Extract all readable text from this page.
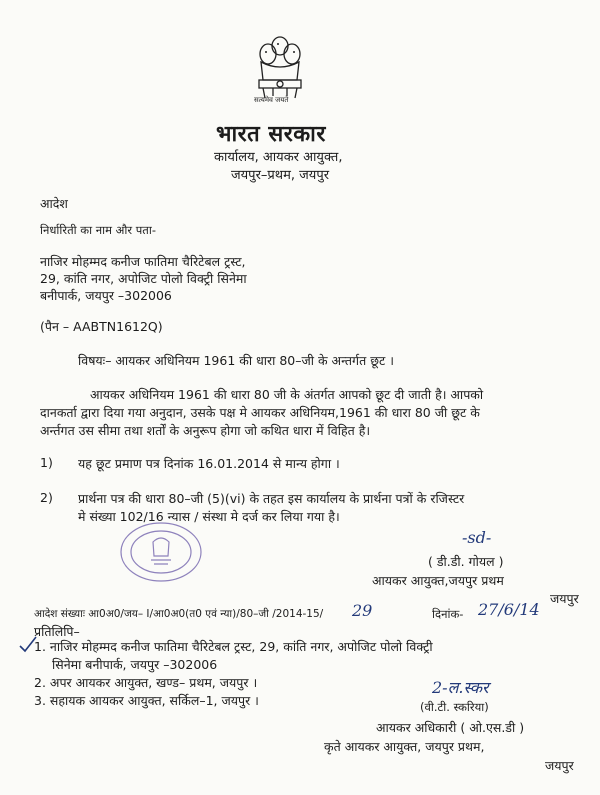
सत्यमेव जयते
भारत सरकार
कार्यालय, आयकर आयुक्त,
जयपुर–प्रथम, जयपुर
आदेश
निर्धारिती का नाम और पता-
नाजिर मोहम्मद कनीज फातिमा चैरिटेबल ट्रस्ट,
29, कांति नगर, अपोजिट पोलो विक्ट्री सिनेमा
बनीपार्क, जयपुर –302006
(पैन – AABTN1612Q)
विषयः– आयकर अधिनियम 1961 की धारा 80–जी के अन्तर्गत छूट ।
आयकर अधिनियम 1961 की धारा 80 जी के अंतर्गत आपको छूट दी जाती है। आपको
दानकर्ता द्वारा दिया गया अनुदान, उसके पक्ष मे आयकर अधिनियम,1961 की धारा 80 जी छूट के
अर्न्तगत उस सीमा तथा शर्तों के अनुरूप होगा जो कथित धारा में विहित है।
1) यह छूट प्रमाण पत्र दिनांक 16.01.2014 से मान्य होगा ।
2) प्रार्थना पत्र की धारा 80–जी (5)(vi) के तहत इस कार्यालय के प्रार्थना पत्रों के रजिस्टर
मे संख्या 102/16 न्यास / संस्था मे दर्ज कर लिया गया है।
-sd-
( डी.डी. गोयल )
आयकर आयुक्त,जयपुर प्रथम
जयपुर
आदेश संख्याः आ0अ0/जय– I/आ0अ0(त0 एवं न्या)/80–जी /2014-15/ 29	दिनांक- 27/6/14
प्रतिलिपि–
1. नाजिर मोहम्मद कनीज फातिमा चैरिटेबल ट्रस्ट, 29, कांति नगर, अपोजिट पोलो विक्ट्री
सिनेमा बनीपार्क, जयपुर –302006
2. अपर आयकर आयुक्त, खण्ड– प्रथम, जयपुर ।
3. सहायक आयकर आयुक्त, सर्किल–1, जयपुर ।
2-ल.स्कर
(वी.टी. स्करिया)
आयकर अधिकारी ( ओ.एस.डी )
कृते आयकर आयुक्त, जयपुर प्रथम,
जयपुर
